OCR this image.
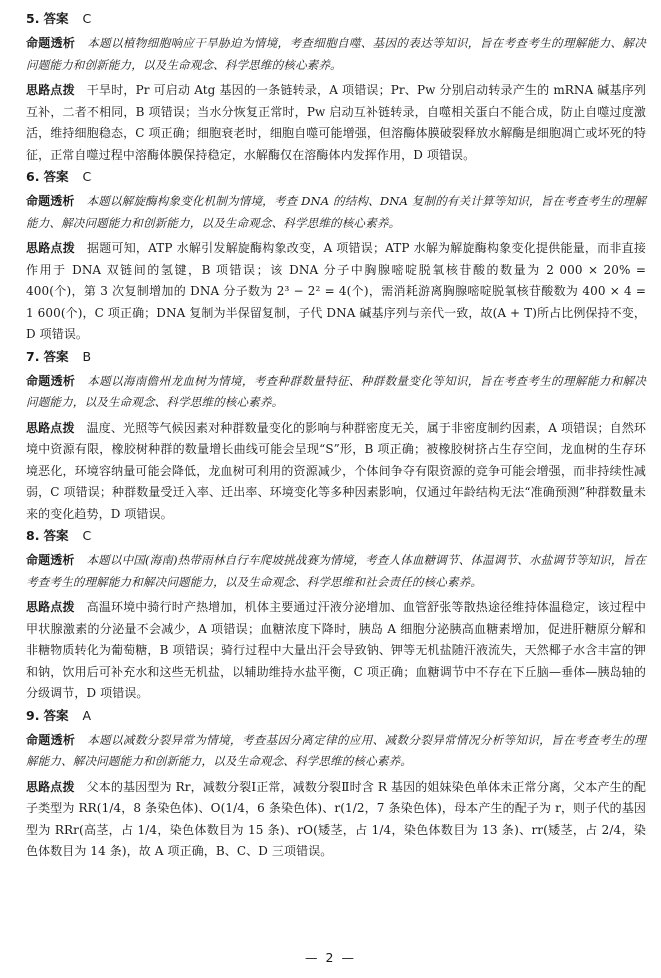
5. 答案 C

命题透析 本题以植物细胞响应干旱胁迫为情境，考查细胞自噬、基因的表达等知识，旨在考查考生的理解能力、解决问题能力和创新能力，以及生命观念、科学思维的核心素养。

思路点拨 干旱时，Pr 可启动 Atg 基因的一条链转录，A 项错误；Pr、Pw 分别启动转录产生的 mRNA 碱基序列互补，二者不相同，B 项错误；当水分恢复正常时，Pw 启动互补链转录，自噬相关蛋白不能合成，防止自噬过度激活，维持细胞稳态，C 项正确；细胞衰老时，细胞自噬可能增强，但溶酶体膜破裂释放水解酶是细胞凋亡或坏死的特征，正常自噬过程中溶酶体膜保持稳定，水解酶仅在溶酶体内发挥作用，D 项错误。

6. 答案 C

命题透析 本题以解旋酶构象变化机制为情境，考查 DNA 的结构、DNA 复制的有关计算等知识，旨在考查考生的理解能力、解决问题能力和创新能力，以及生命观念、科学思维的核心素养。

思路点拨 据题可知，ATP 水解引发解旋酶构象改变，A 项错误；ATP 水解为解旋酶构象变化提供能量，而非直接作用于 DNA 双链间的氢键，B 项错误；该 DNA 分子中胸腺嘧啶脱氧核苷酸的数量为 2 000 × 20% = 400(个)，第 3 次复制增加的 DNA 分子数为 2³ − 2² = 4(个)，需消耗游离胸腺嘧啶脱氧核苷酸数为 400 × 4 = 1 600(个)，C 项正确；DNA 复制为半保留复制，子代 DNA 碱基序列与亲代一致，故(A + T)所占比例保持不变，D 项错误。

7. 答案 B

命题透析 本题以海南儋州龙血树为情境，考查种群数量特征、种群数量变化等知识，旨在考查考生的理解能力和解决问题能力，以及生命观念、科学思维的核心素养。

思路点拨 温度、光照等气候因素对种群数量变化的影响与种群密度无关，属于非密度制约因素，A 项错误；自然环境中资源有限，橡胶树种群的数量增长曲线可能会呈现“S”形，B 项正确；被橡胶树挤占生存空间，龙血树的生存环境恶化，环境容纳量可能会降低，龙血树可利用的资源减少，个体间争夺有限资源的竞争可能会增强，而非持续性减弱，C 项错误；种群数量受迁入率、迁出率、环境变化等多种因素影响，仅通过年龄结构无法“准确预测”种群数量未来的变化趋势，D 项错误。

8. 答案 C

命题透析 本题以中国(海南)热带雨林自行车爬坡挑战赛为情境，考查人体血糖调节、体温调节、水盐调节等知识，旨在考查考生的理解能力和解决问题能力，以及生命观念、科学思维和社会责任的核心素养。

思路点拨 高温环境中骑行时产热增加，机体主要通过汗液分泌增加、血管舒张等散热途径维持体温稳定，该过程中甲状腺激素的分泌量不会减少，A 项错误；血糖浓度下降时，胰岛 A 细胞分泌胰高血糖素增加，促进肝糖原分解和非糖物质转化为葡萄糖，B 项错误；骑行过程中大量出汗会导致钠、钾等无机盐随汗液流失，天然椰子水含丰富的钾和钠，饮用后可补充水和这些无机盐，以辅助维持水盐平衡，C 项正确；血糖调节中不存在下丘脑—垂体—胰岛轴的分级调节，D 项错误。

9. 答案 A

命题透析 本题以减数分裂异常为情境，考查基因分离定律的应用、减数分裂异常情况分析等知识，旨在考查考生的理解能力、解决问题能力和创新能力，以及生命观念、科学思维的核心素养。

思路点拨 父本的基因型为 Rr，减数分裂Ⅰ正常，减数分裂Ⅱ时含 R 基因的姐妹染色单体未正常分离，父本产生的配子类型为 RR(1/4，8 条染色体)、O(1/4，6 条染色体)、r(1/2，7 条染色体)，母本产生的配子为 r，则子代的基因型为 RRr(高茎，占 1/4，染色体数目为 15 条)、rO(矮茎，占 1/4，染色体数目为 13 条)、rr(矮茎，占 2/4，染色体数目为 14 条)，故 A 项正确，B、C、D 三项错误。

— 2 —
